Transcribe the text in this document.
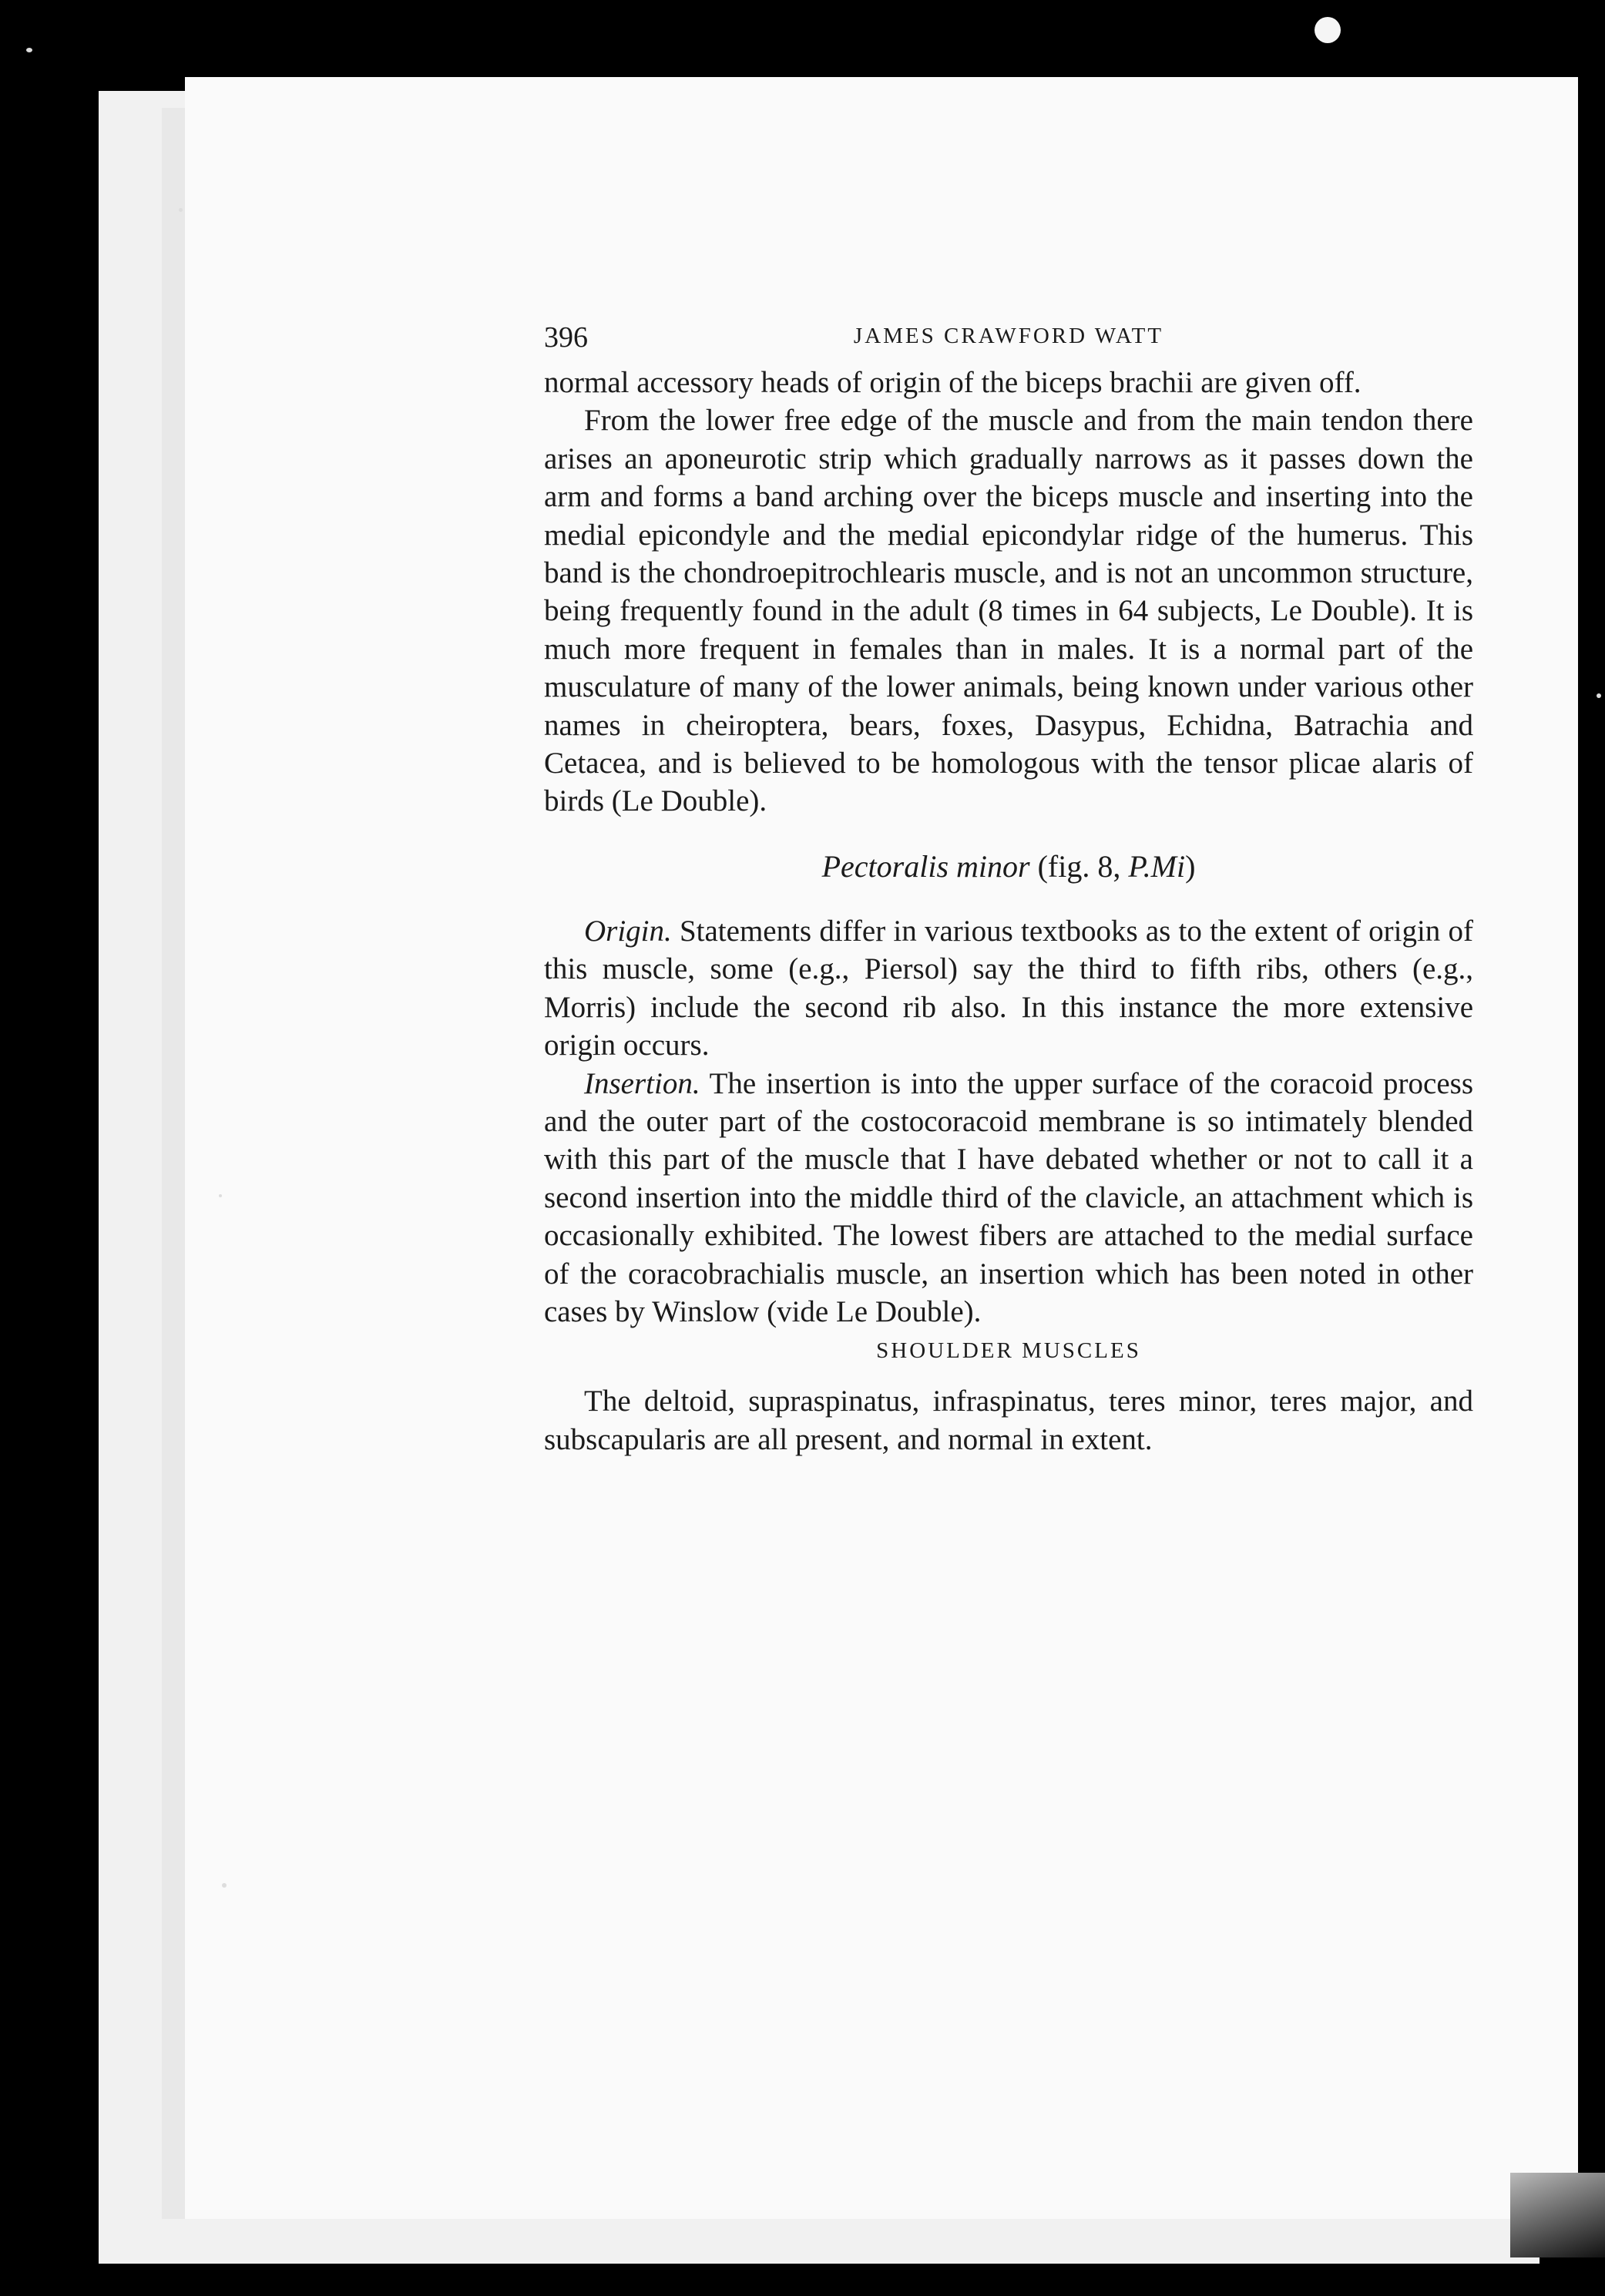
396	JAMES CRAWFORD WATT

normal accessory heads of origin of the biceps brachii are given off.

From the lower free edge of the muscle and from the main tendon there arises an aponeurotic strip which gradually narrows as it passes down the arm and forms a band arching over the biceps muscle and inserting into the medial epicondyle and the medial epicondylar ridge of the humerus. This band is the chondroepitrochlearis muscle, and is not an uncommon structure, being frequently found in the adult (8 times in 64 subjects, Le Double). It is much more frequent in females than in males. It is a normal part of the musculature of many of the lower animals, being known under various other names in cheiroptera, bears, foxes, Dasypus, Echidna, Batrachia and Cetacea, and is believed to be homologous with the tensor plicae alaris of birds (Le Double).

Pectoralis minor (fig. 8, P.Mi)

Origin. Statements differ in various textbooks as to the extent of origin of this muscle, some (e.g., Piersol) say the third to fifth ribs, others (e.g., Morris) include the second rib also. In this instance the more extensive origin occurs.

Insertion. The insertion is into the upper surface of the coracoid process and the outer part of the costocoracoid membrane is so intimately blended with this part of the muscle that I have debated whether or not to call it a second insertion into the middle third of the clavicle, an attachment which is occasionally exhibited. The lowest fibers are attached to the medial surface of the coracobrachialis muscle, an insertion which has been noted in other cases by Winslow (vide Le Double).

SHOULDER MUSCLES

The deltoid, supraspinatus, infraspinatus, teres minor, teres major, and subscapularis are all present, and normal in extent.
